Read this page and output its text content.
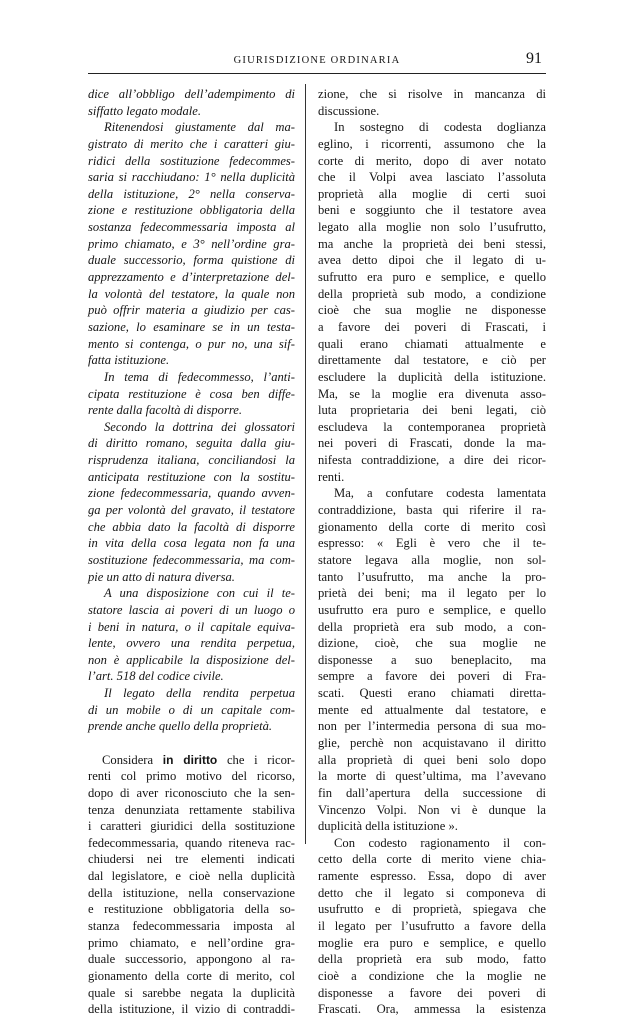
GIURISDIZIONE ORDINARIA	91
dice all’obbligo dell’adempimento di
siffatto legato modale.
Ritenendosi giustamente dal ma-
gistrato di merito che i caratteri giu-
ridici della sostituzione fedecommes-
saria si racchiudano: 1° nella duplicità
della istituzione, 2° nella conserva-
zione e restituzione obbligatoria della
sostanza fedecommessaria imposta al
primo chiamato, e 3° nell’ordine gra-
duale successorio, forma quistione di
apprezzamento e d’interpretazione del-
la volontà del testatore, la quale non
può offrir materia a giudizio per cas-
sazione, lo esaminare se in un testa-
mento si contenga, o pur no, una sif-
fatta istituzione.
In tema di fedecommesso, l’anti-
cipata restituzione è cosa ben diffe-
rente dalla facoltà di disporre.
Secondo la dottrina dei glossatori
di diritto romano, seguita dalla giu-
risprudenza italiana, conciliandosi la
anticipata restituzione con la sostitu-
zione fedecommessaria, quando avven-
ga per volontà del gravato, il testatore
che abbia dato la facoltà di disporre
in vita della cosa legata non fa una
sostituzione fedecommessaria, ma com-
pie un atto di natura diversa.
A una disposizione con cui il te-
statore lascia ai poveri di un luogo o
i beni in natura, o il capitale equiva-
lente, ovvero una rendita perpetua,
non è applicabile la disposizione del-
l’art. 518 del codice civile.
Il legato della rendita perpetua
di un mobile o di un capitale com-
prende anche quello della proprietà.
Considera in diritto che i ricor-
renti col primo motivo del ricorso,
dopo di aver riconosciuto che la sen-
tenza denunziata rettamente stabiliva
i caratteri giuridici della sostituzione
fedecommessaria, quando riteneva rac-
chiudersi nei tre elementi indicati
dal legislatore, e cioè nella duplicità
della istituzione, nella conservazione
e restituzione obbligatoria della so-
stanza fedecommessaria imposta al
primo chiamato, e nell’ordine gra-
duale successorio, appongono al ra-
gionamento della corte di merito, col
quale si sarebbe negata la duplicità
della istituzione, il vizio di contraddi-
zione, che si risolve in mancanza di
discussione.
In sostegno di codesta doglianza
eglino, i ricorrenti, assumono che la
corte di merito, dopo di aver notato
che il Volpi avea lasciato l’assoluta
proprietà alla moglie di certi suoi
beni e soggiunto che il testatore avea
legato alla moglie non solo l’usufrutto,
ma anche la proprietà dei beni stessi,
avea detto dipoi che il legato di u-
sufrutto era puro e semplice, e quello
della proprietà sub modo, a condizione
cioè che sua moglie ne disponesse
a favore dei poveri di Frascati, i
quali erano chiamati attualmente e
direttamente dal testatore, e ciò per
escludere la duplicità della istituzione.
Ma, se la moglie era divenuta asso-
luta proprietaria dei beni legati, ciò
escludeva la contemporanea proprietà
nei poveri di Frascati, donde la ma-
nifesta contraddizione, a dire dei ricor-
renti.
Ma, a confutare codesta lamentata
contraddizione, basta qui riferire il ra-
gionamento della corte di merito così
espresso: « Egli è vero che il te-
statore legava alla moglie, non sol-
tanto l’usufrutto, ma anche la pro-
prietà dei beni; ma il legato per lo
usufrutto era puro e semplice, e quello
della proprietà era sub modo, a con-
dizione, cioè, che sua moglie ne
disponesse a suo beneplacito, ma
sempre a favore dei poveri di Fra-
scati. Questi erano chiamati diretta-
mente ed attualmente dal testatore, e
non per l’intermedia persona di sua mo-
glie, perchè non acquistavano il diritto
alla proprietà di quei beni solo dopo
la morte di quest’ultima, ma l’avevano
fin dall’apertura della successione di
Vincenzo Volpi. Non vi è dunque la
duplicità della istituzione ».
Con codesto ragionamento il con-
cetto della corte di merito viene chia-
ramente espresso. Essa, dopo di aver
detto che il legato si componeva di
usufrutto e di proprietà, spiegava che
il legato per l’usufrutto a favore della
moglie era puro e semplice, e quello
della proprietà era sub modo, fatto
cioè a condizione che la moglie ne
disponesse a favore dei poveri di
Frascati. Ora, ammessa la esistenza
